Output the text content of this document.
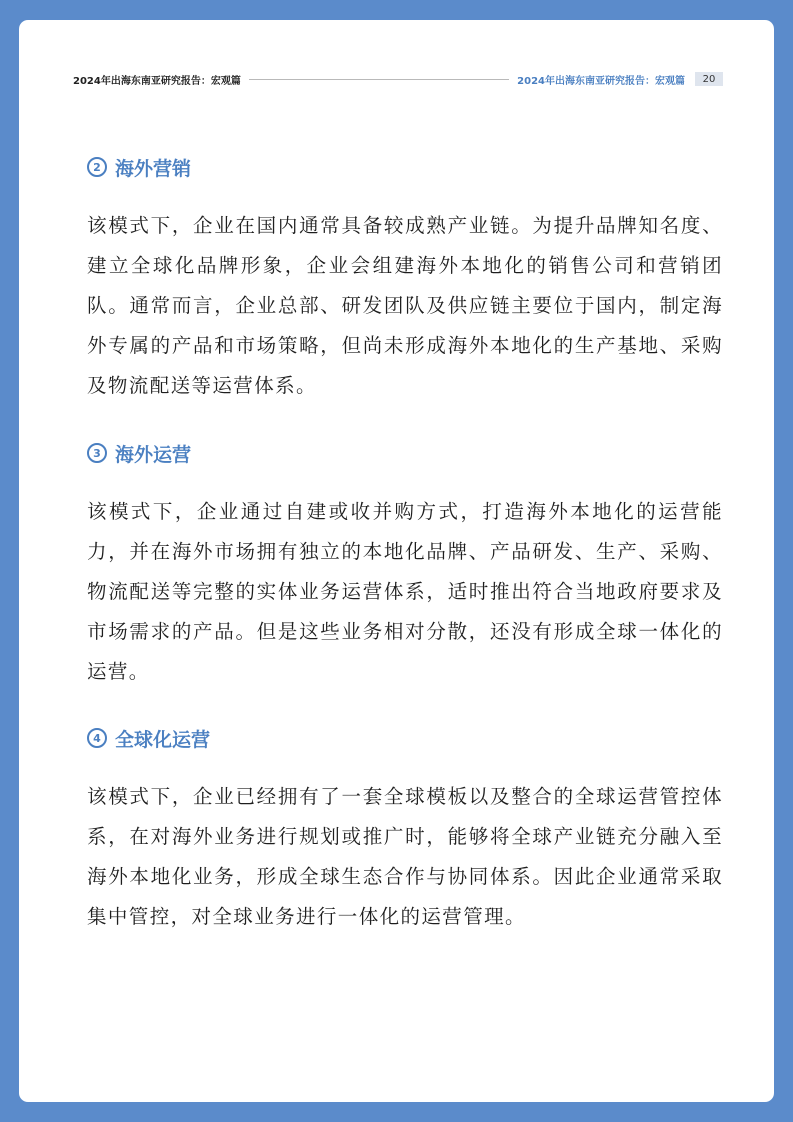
2024年出海东南亚研究报告：宏观篇	2024年出海东南亚研究报告：宏观篇	20
2 海外营销
该模式下，企业在国内通常具备较成熟产业链。为提升品牌知名度、建立全球化品牌形象，企业会组建海外本地化的销售公司和营销团队。通常而言，企业总部、研发团队及供应链主要位于国内，制定海外专属的产品和市场策略，但尚未形成海外本地化的生产基地、采购及物流配送等运营体系。
3 海外运营
该模式下，企业通过自建或收并购方式，打造海外本地化的运营能力，并在海外市场拥有独立的本地化品牌、产品研发、生产、采购、物流配送等完整的实体业务运营体系，适时推出符合当地政府要求及市场需求的产品。但是这些业务相对分散，还没有形成全球一体化的运营。
4 全球化运营
该模式下，企业已经拥有了一套全球模板以及整合的全球运营管控体系，在对海外业务进行规划或推广时，能够将全球产业链充分融入至海外本地化业务，形成全球生态合作与协同体系。因此企业通常采取集中管控，对全球业务进行一体化的运营管理。
